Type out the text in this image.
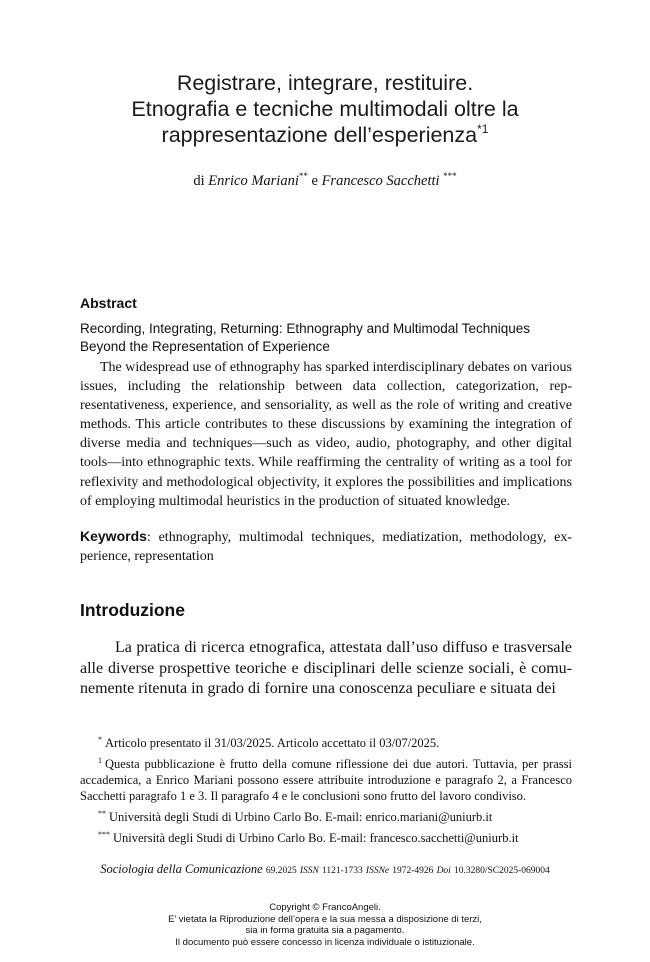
Registrare, integrare, restituire.
Etnografia e tecniche multimodali oltre la
rappresentazione dell’esperienza$^{*1}$
di Enrico Mariani** e Francesco Sacchetti ***
Abstract
Recording, Integrating, Returning: Ethnography and Multimodal Techniques
Beyond the Representation of Experience
The widespread use of ethnography has sparked interdisciplinary debates on various issues, including the relationship between data collection, categorization, representativeness, experience, and sensoriality, as well as the role of writing and creative methods. This article contributes to these discussions by examining the integration of diverse media and techniques—such as video, audio, photography, and other digital tools—into ethnographic texts. While reaffirming the centrality of writing as a tool for reflexivity and methodological objectivity, it explores the possibilities and implications of employing multimodal heuristics in the production of situated knowledge.
Keywords: ethnography, multimodal techniques, mediatization, methodology, experience, representation
Introduzione
La pratica di ricerca etnografica, attestata dall’uso diffuso e trasversale alle diverse prospettive teoriche e disciplinari delle scienze sociali, è comunemente ritenuta in grado di fornire una conoscenza peculiare e situata dei
* Articolo presentato il 31/03/2025. Articolo accettato il 03/07/2025.
$^1$ Questa pubblicazione è frutto della comune riflessione dei due autori. Tuttavia, per prassi accademica, a Enrico Mariani possono essere attribuite introduzione e paragrafo 2, a Francesco Sacchetti paragrafo 1 e 3. Il paragrafo 4 e le conclusioni sono frutto del lavoro condiviso.
** Università degli Studi di Urbino Carlo Bo. E-mail: enrico.mariani@uniurb.it
*** Università degli Studi di Urbino Carlo Bo. E-mail: francesco.sacchetti@uniurb.it
Sociologia della Comunicazione 69.2025 ISSN 1121-1733 ISSNe 1972-4926 Doi 10.3280/SC2025-069004
Copyright © FrancoAngeli.
E’ vietata la Riproduzione dell’opera e la sua messa a disposizione di terzi,
sia in forma gratuita sia a pagamento.
Il documento può essere concesso in licenza individuale o istituzionale.
